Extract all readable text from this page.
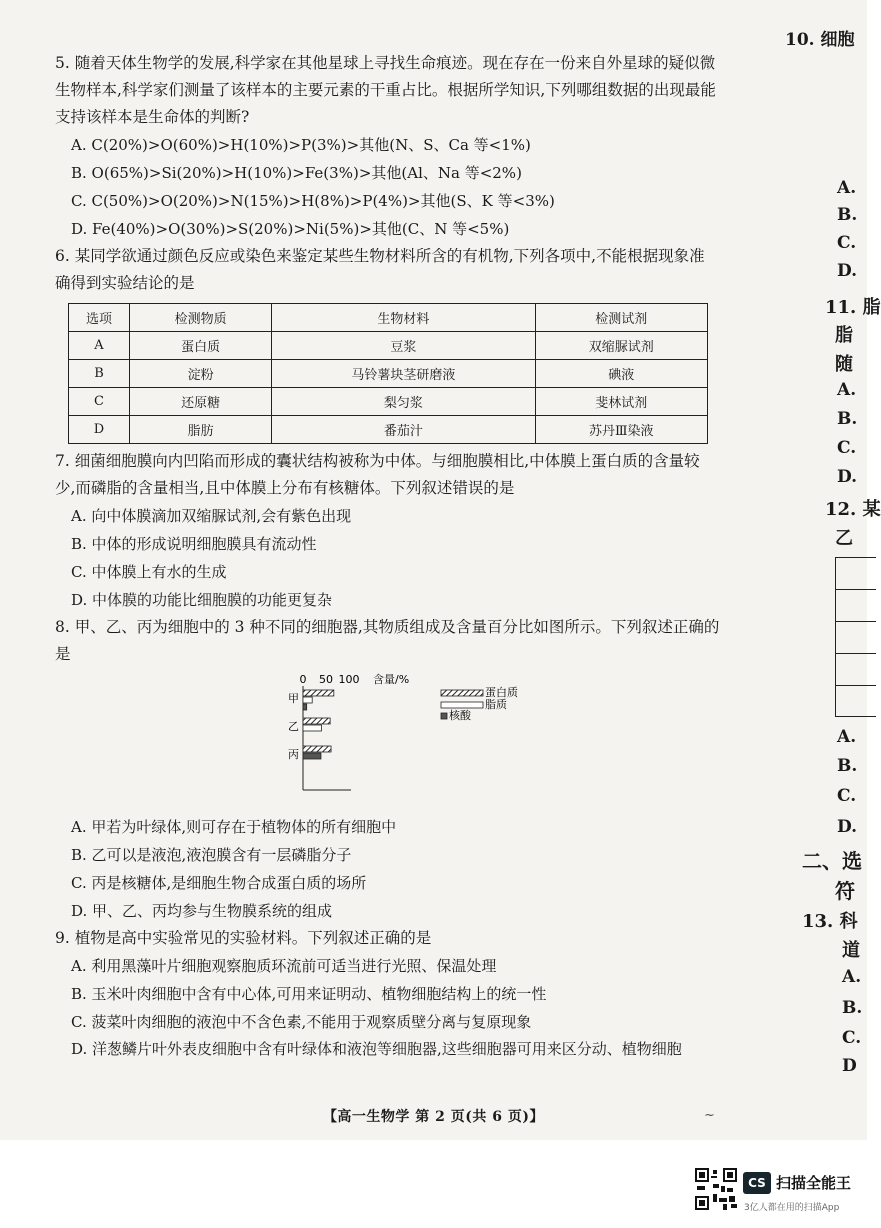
5. 随着天体生物学的发展,科学家在其他星球上寻找生命痕迹。现在存在一份来自外星球的疑似微生物样本,科学家们测量了该样本的主要元素的干重占比。根据所学知识,下列哪组数据的出现最能支持该样本是生命体的判断?

A. C(20%)>O(60%)>H(10%)>P(3%)>其他(N、S、Ca 等<1%)
B. O(65%)>Si(20%)>H(10%)>Fe(3%)>其他(Al、Na 等<2%)
C. C(50%)>O(20%)>N(15%)>H(8%)>P(4%)>其他(S、K 等<3%)
D. Fe(40%)>O(30%)>S(20%)>Ni(5%)>其他(C、N 等<5%)

6. 某同学欲通过颜色反应或染色来鉴定某些生物材料所含的有机物,下列各项中,不能根据现象准确得到实验结论的是

选项	检测物质	生物材料	检测试剂
A	蛋白质	豆浆	双缩脲试剂
B	淀粉	马铃薯块茎研磨液	碘液
C	还原糖	梨匀浆	斐林试剂
D	脂肪	番茄汁	苏丹Ⅲ染液

7. 细菌细胞膜向内凹陷而形成的囊状结构被称为中体。与细胞膜相比,中体膜上蛋白质的含量较少,而磷脂的含量相当,且中体膜上分布有核糖体。下列叙述错误的是

A. 向中体膜滴加双缩脲试剂,会有紫色出现
B. 中体的形成说明细胞膜具有流动性
C. 中体膜上有水的生成
D. 中体膜的功能比细胞膜的功能更复杂

8. 甲、乙、丙为细胞中的 3 种不同的细胞器,其物质组成及含量百分比如图所示。下列叙述正确的是

0 50 100 含量/%
甲
乙
丙
蛋白质
脂质
核酸
A. 甲若为叶绿体,则可存在于植物体的所有细胞中
B. 乙可以是液泡,液泡膜含有一层磷脂分子
C. 丙是核糖体,是细胞生物合成蛋白质的场所
D. 甲、乙、丙均参与生物膜系统的组成

9. 植物是高中实验常见的实验材料。下列叙述正确的是

A. 利用黑藻叶片细胞观察胞质环流前可适当进行光照、保温处理
B. 玉米叶肉细胞中含有中心体,可用来证明动、植物细胞结构上的统一性
C. 菠菜叶肉细胞的液泡中不含色素,不能用于观察质壁分离与复原现象
D. 洋葱鳞片叶外表皮细胞中含有叶绿体和液泡等细胞器,这些细胞器可用来区分动、植物细胞
【高一生物学 第 2 页(共 6 页)】	~
10. 细胞
A.
B.
C.
D.
11. 脂
脂
随
A.
B.
C.
D.
12. 某
乙
A.
B.
C.
D.
二、选
符
13. 科
道
A.
B.
C.
D
CS 扫描全能王
3亿人都在用的扫描App
